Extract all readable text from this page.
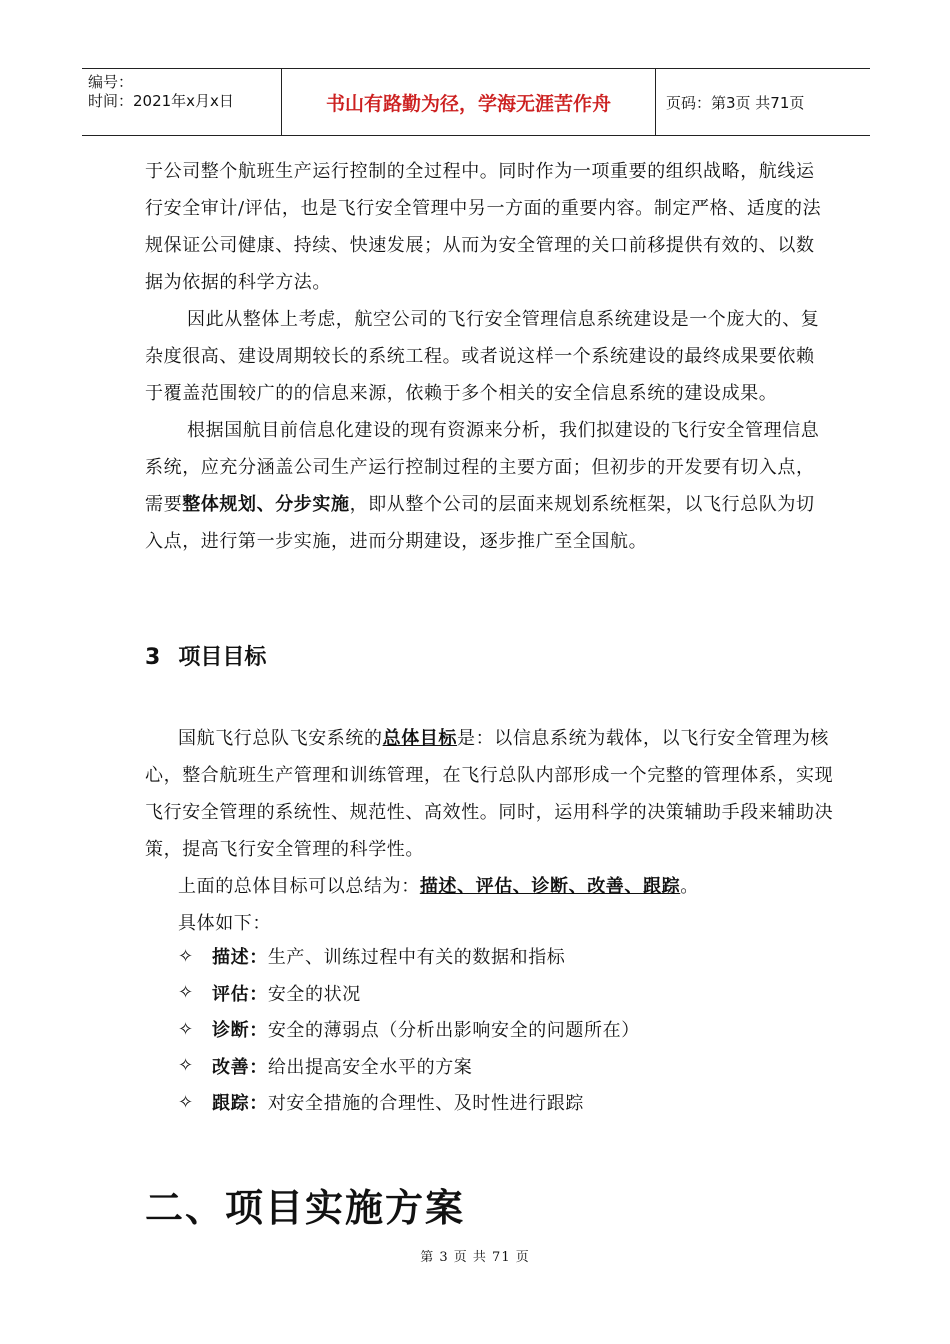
编号：
时间：2021年x月x日	书山有路勤为径，学海无涯苦作舟	页码：第3页 共71页

于公司整个航班生产运行控制的全过程中。同时作为一项重要的组织战略，航线运行安全审计/评估，也是飞行安全管理中另一方面的重要内容。制定严格、适度的法规保证公司健康、持续、快速发展；从而为安全管理的关口前移提供有效的、以数据为依据的科学方法。

因此从整体上考虑，航空公司的飞行安全管理信息系统建设是一个庞大的、复杂度很高、建设周期较长的系统工程。或者说这样一个系统建设的最终成果要依赖于覆盖范围较广的的信息来源，依赖于多个相关的安全信息系统的建设成果。

根据国航目前信息化建设的现有资源来分析，我们拟建设的飞行安全管理信息系统，应充分涵盖公司生产运行控制过程的主要方面；但初步的开发要有切入点，需要整体规划、分步实施，即从整个公司的层面来规划系统框架，以飞行总队为切入点，进行第一步实施，进而分期建设，逐步推广至全国航。

3 项目目标

国航飞行总队飞安系统的总体目标是：以信息系统为载体，以飞行安全管理为核心，整合航班生产管理和训练管理，在飞行总队内部形成一个完整的管理体系，实现飞行安全管理的系统性、规范性、高效性。同时，运用科学的决策辅助手段来辅助决策，提高飞行安全管理的科学性。

上面的总体目标可以总结为：描述、评估、诊断、改善、跟踪。

具体如下：

✧	描述 ： 生产、训练过程中有关的数据和指标
✧	评估 ： 安全的状况
✧	诊断 ： 安全的薄弱点（分析出影响安全的问题所在）
✧	改善 ： 给出提高安全水平的方案
✧	跟踪 ： 对安全措施的合理性、及时性进行跟踪
二、项目实施方案
第 3 页 共 71 页
